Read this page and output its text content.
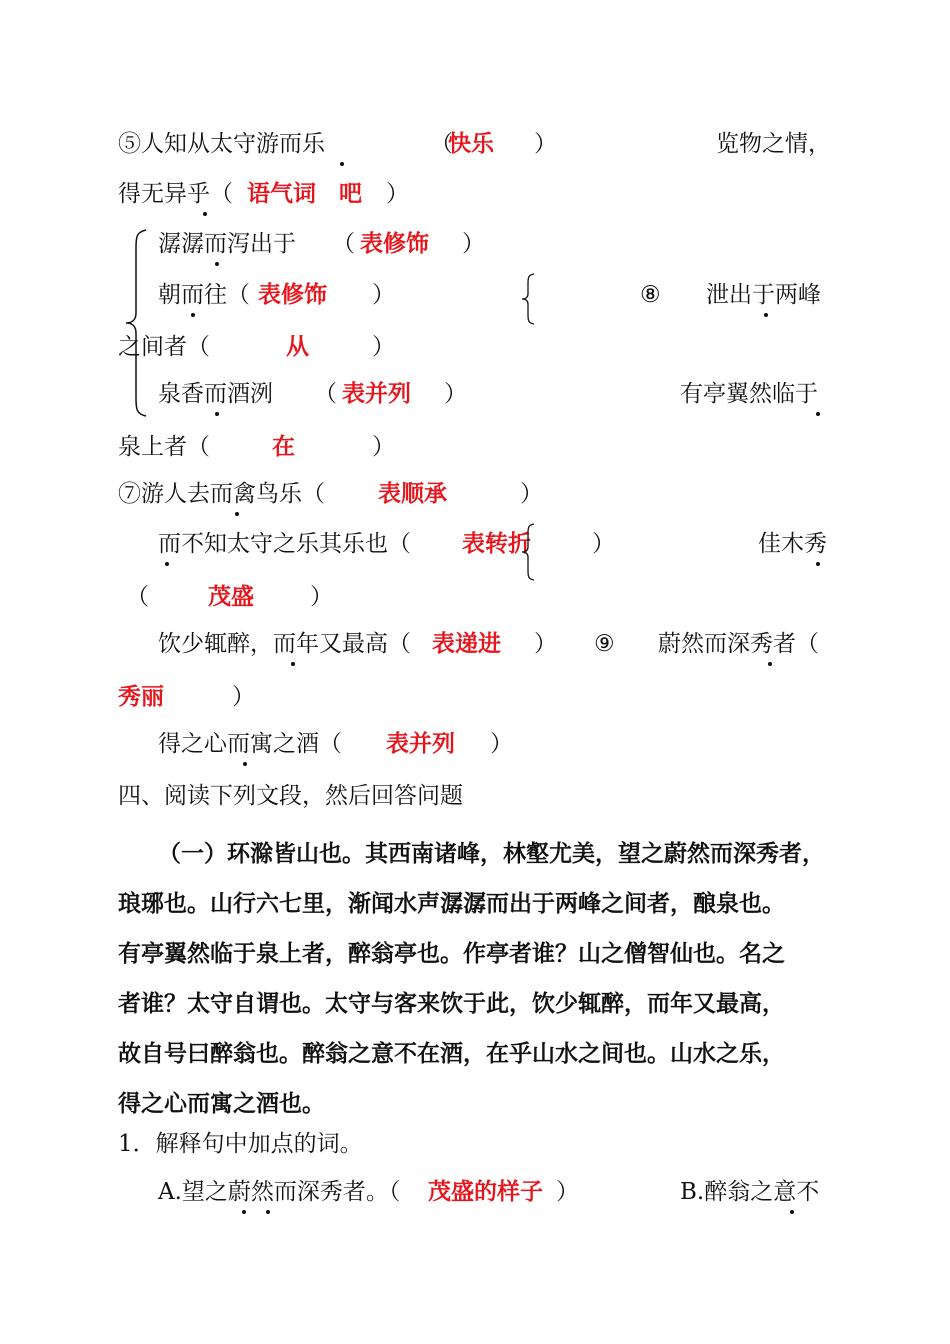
⑤人知从太守游而乐	（
快乐 ）	览物之情，
得无异乎（ 语气词　吧 ）
潺潺而泻出于 （ 表修饰 ）
朝而往（ 表修饰 ）	⑧ 泄出于两峰
之间者（	从	）
泉香而酒洌 （ 表并列 ）	有亭翼然临于
泉上者（	在	）
⑦游人去而禽鸟乐（ 表顺承	）
而不知太守之乐其乐也（ 表转折	）	佳木秀
（	茂盛 ）
饮少辄醉，而年又最高（ 表递进 ） ⑨ 蔚然而深秀者（
秀丽	）
得之心而寓之酒（ 表并列 ）
四、阅读下列文段，然后回答问题
（一）环滁皆山也。其西南诸峰，林壑尤美，望之蔚然而深秀者，
琅琊也。山行六七里，渐闻水声潺潺而出于两峰之间者，酿泉也。
有亭翼然临于泉上者，醉翁亭也。作亭者谁？山之僧智仙也。名之
者谁？太守自谓也。太守与客来饮于此，饮少辄醉，而年又最高，
故自号曰醉翁也。醉翁之意不在酒，在乎山水之间也。山水之乐，
得之心而寓之酒也。
1．解释句中加点的词。
A.望之蔚然而深秀者。（ 茂盛的样子 ）	B.醉翁之意不
